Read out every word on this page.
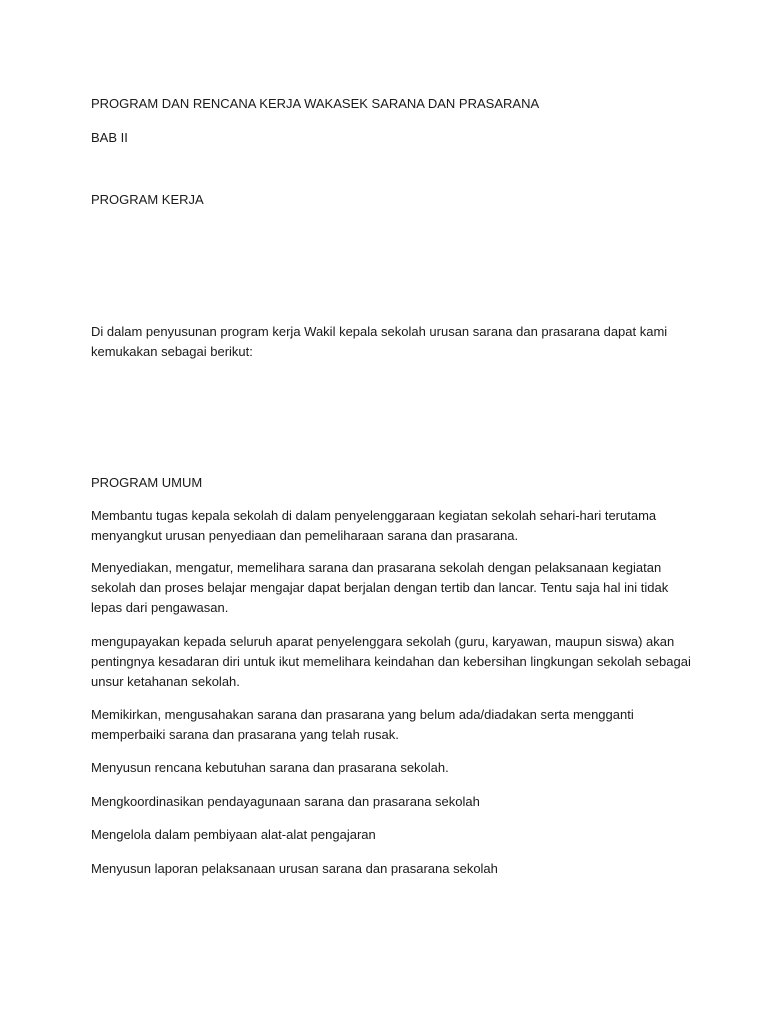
PROGRAM DAN RENCANA KERJA WAKASEK SARANA DAN PRASARANA
BAB II
PROGRAM KERJA
Di dalam penyusunan program kerja Wakil kepala sekolah urusan sarana dan prasarana dapat kami
kemukakan sebagai berikut:
PROGRAM UMUM
Membantu tugas kepala sekolah di dalam penyelenggaraan kegiatan sekolah sehari-hari terutama
menyangkut urusan penyediaan dan pemeliharaan sarana dan prasarana.
Menyediakan, mengatur, memelihara sarana dan prasarana sekolah dengan pelaksanaan kegiatan
sekolah dan proses belajar mengajar dapat berjalan dengan tertib dan lancar. Tentu saja hal ini tidak
lepas dari pengawasan.
mengupayakan kepada seluruh aparat penyelenggara sekolah (guru, karyawan, maupun siswa) akan
pentingnya kesadaran diri untuk ikut memelihara keindahan dan kebersihan lingkungan sekolah sebagai
unsur ketahanan sekolah.
Memikirkan, mengusahakan sarana dan prasarana yang belum ada/diadakan serta mengganti
memperbaiki sarana dan prasarana yang telah rusak.
Menyusun rencana kebutuhan sarana dan prasarana sekolah.
Mengkoordinasikan pendayagunaan sarana dan prasarana sekolah
Mengelola dalam pembiyaan alat-alat pengajaran
Menyusun laporan pelaksanaan urusan sarana dan prasarana sekolah
